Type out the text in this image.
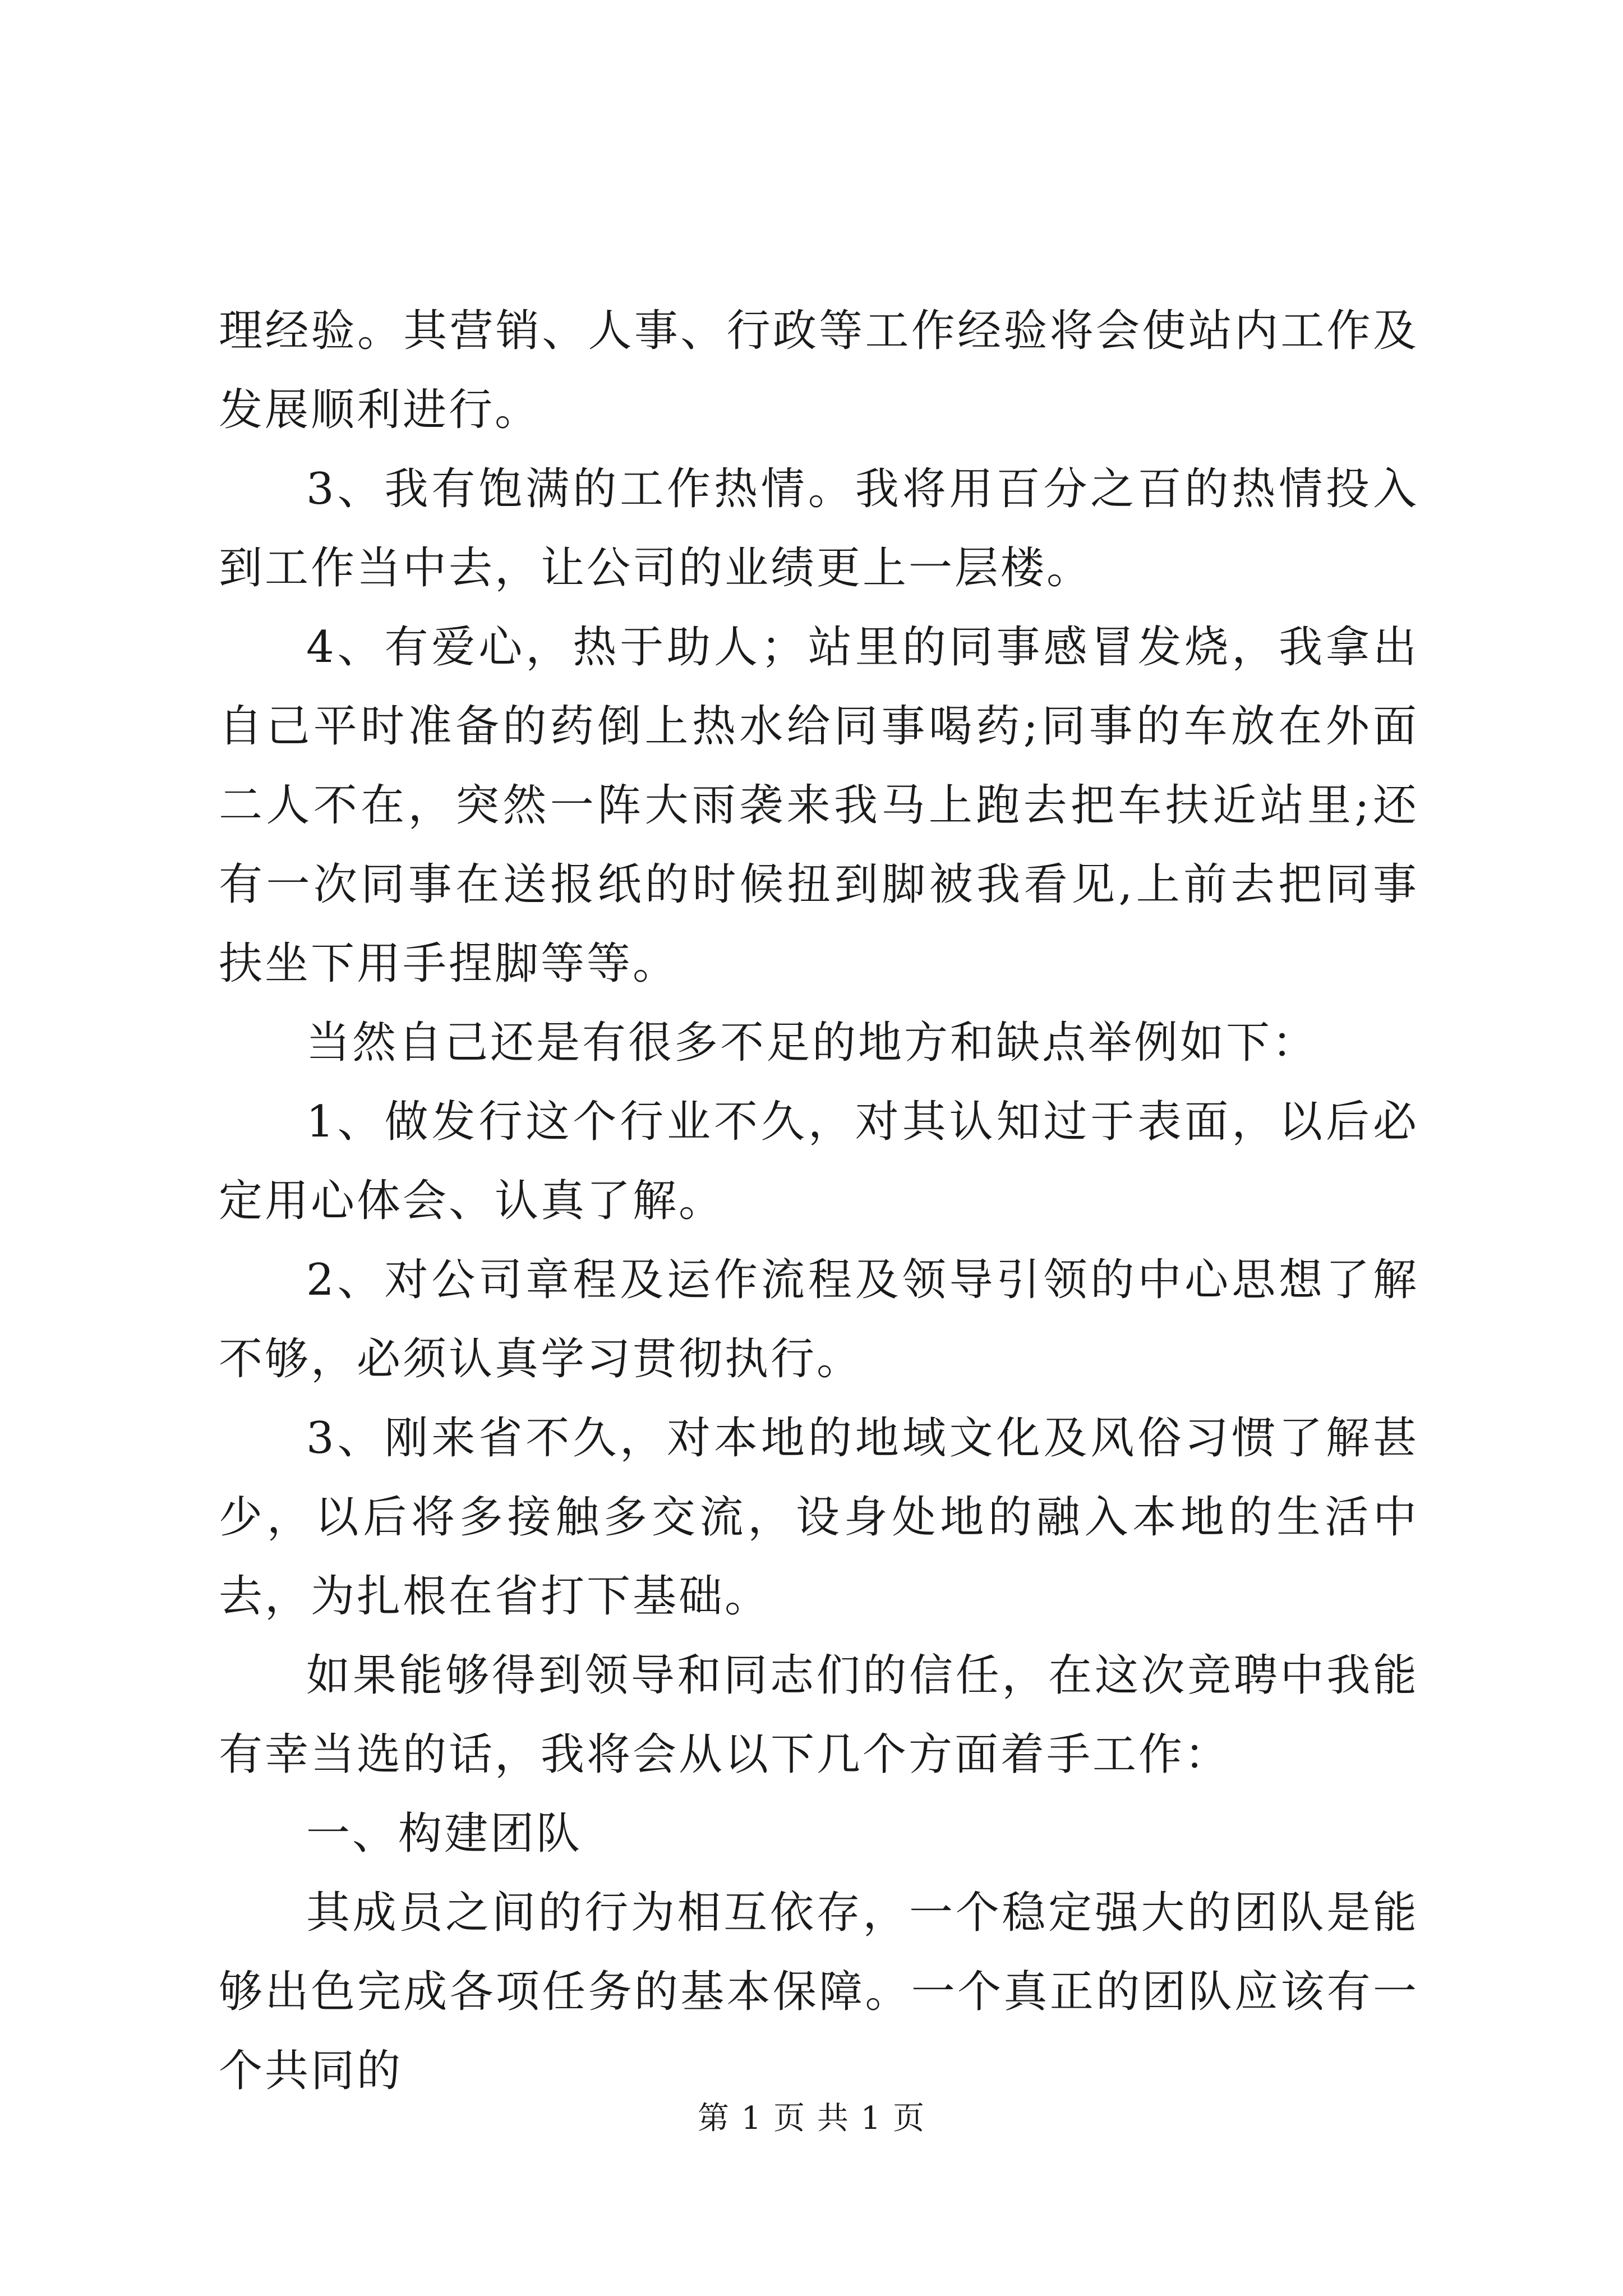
理经验。其营销、人事、行政等工作经验将会使站内工作及发展顺利进行。

3、我有饱满的工作热情。我将用百分之百的热情投入到工作当中去，让公司的业绩更上一层楼。

4、有爱心，热于助人；站里的同事感冒发烧，我拿出自己平时准备的药倒上热水给同事喝药;同事的车放在外面二人不在，突然一阵大雨袭来我马上跑去把车扶近站里;还有一次同事在送报纸的时候扭到脚被我看见,上前去把同事扶坐下用手捏脚等等。

当然自己还是有很多不足的地方和缺点举例如下：

1、做发行这个行业不久，对其认知过于表面，以后必定用心体会、认真了解。

2、对公司章程及运作流程及领导引领的中心思想了解不够，必须认真学习贯彻执行。

3、刚来省不久，对本地的地域文化及风俗习惯了解甚少，以后将多接触多交流，设身处地的融入本地的生活中去，为扎根在省打下基础。

如果能够得到领导和同志们的信任，在这次竞聘中我能有幸当选的话，我将会从以下几个方面着手工作：

一、构建团队

其成员之间的行为相互依存，一个稳定强大的团队是能够出色完成各项任务的基本保障。一个真正的团队应该有一个共同的

第 1 页 共 1 页
